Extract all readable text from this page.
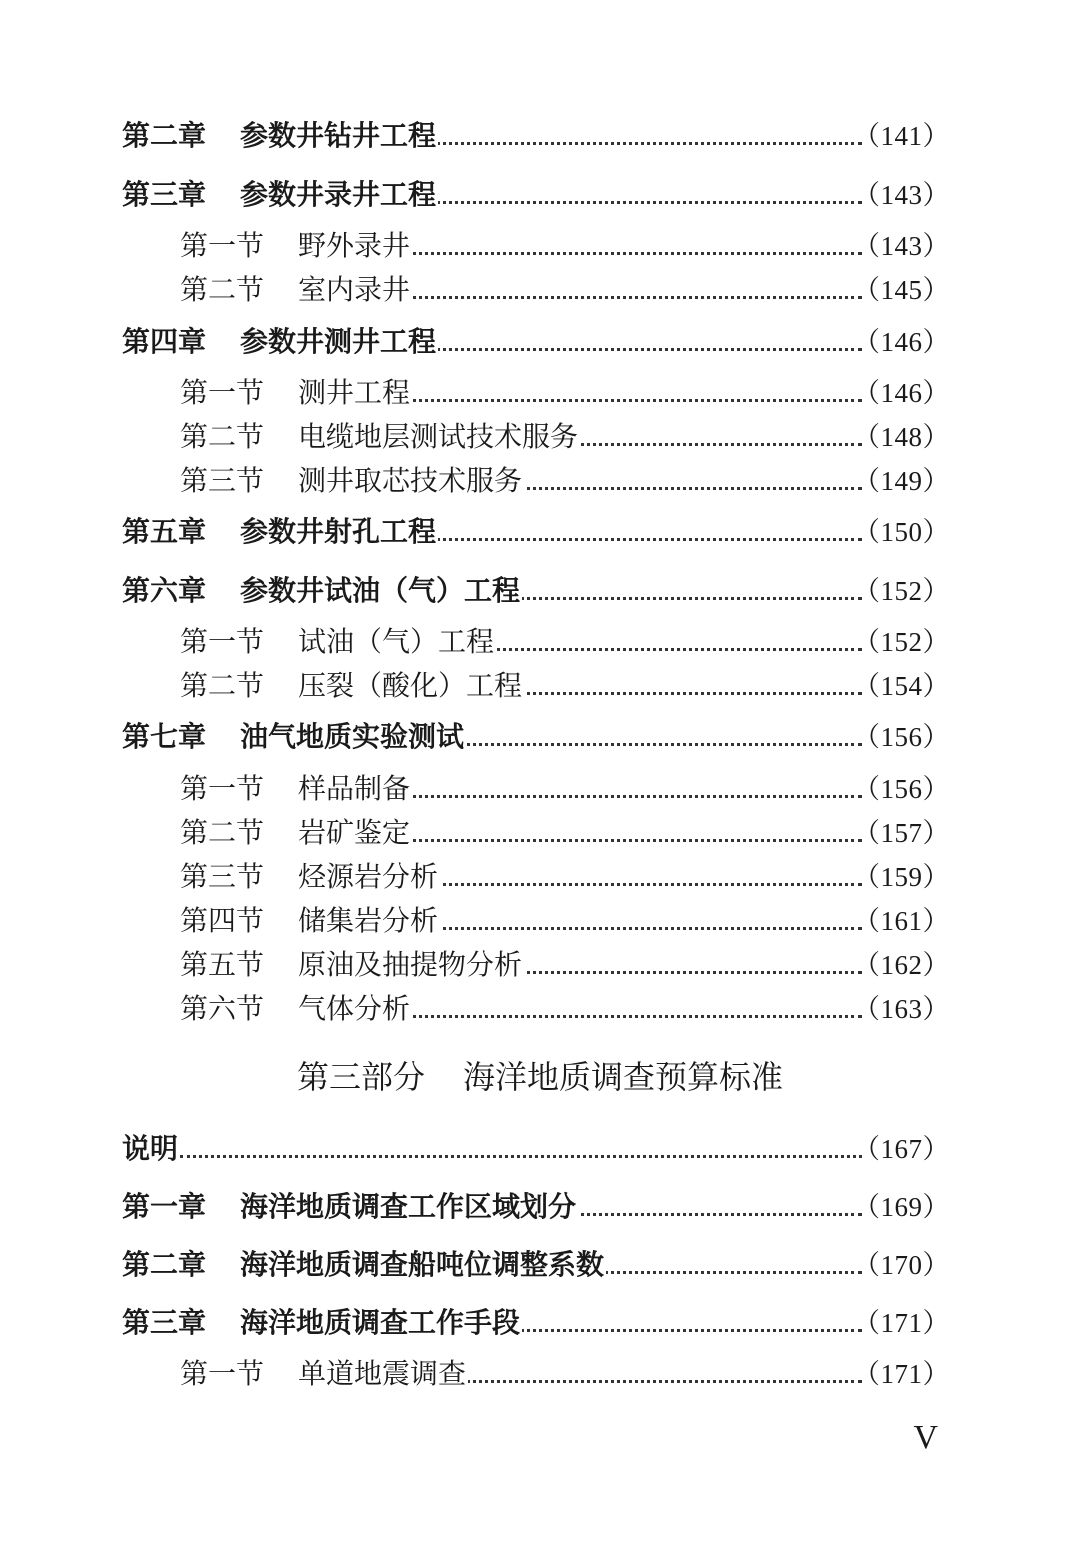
第二章 参数井钻井工程	（141）
第三章 参数井录井工程	（143）
第一节 野外录井	（143）
第二节 室内录井	（145）
第四章 参数井测井工程	（146）
第一节 测井工程	（146）
第二节 电缆地层测试技术服务	（148）
第三节 测井取芯技术服务	（149）
第五章 参数井射孔工程	（150）
第六章 参数井试油（气）工程	（152）
第一节 试油（气）工程	（152）
第二节 压裂（酸化）工程	（154）
第七章 油气地质实验测试	（156）
第一节 样品制备	（156）
第二节 岩矿鉴定	（157）
第三节 烃源岩分析	（159）
第四节 储集岩分析	（161）
第五节 原油及抽提物分析	（162）
第六节 气体分析	（163）
第三部分 海洋地质调查预算标准
说明	（167）
第一章 海洋地质调查工作区域划分	（169）
第二章 海洋地质调查船吨位调整系数	（170）
第三章 海洋地质调查工作手段	（171）
第一节 单道地震调查	（171）
V
